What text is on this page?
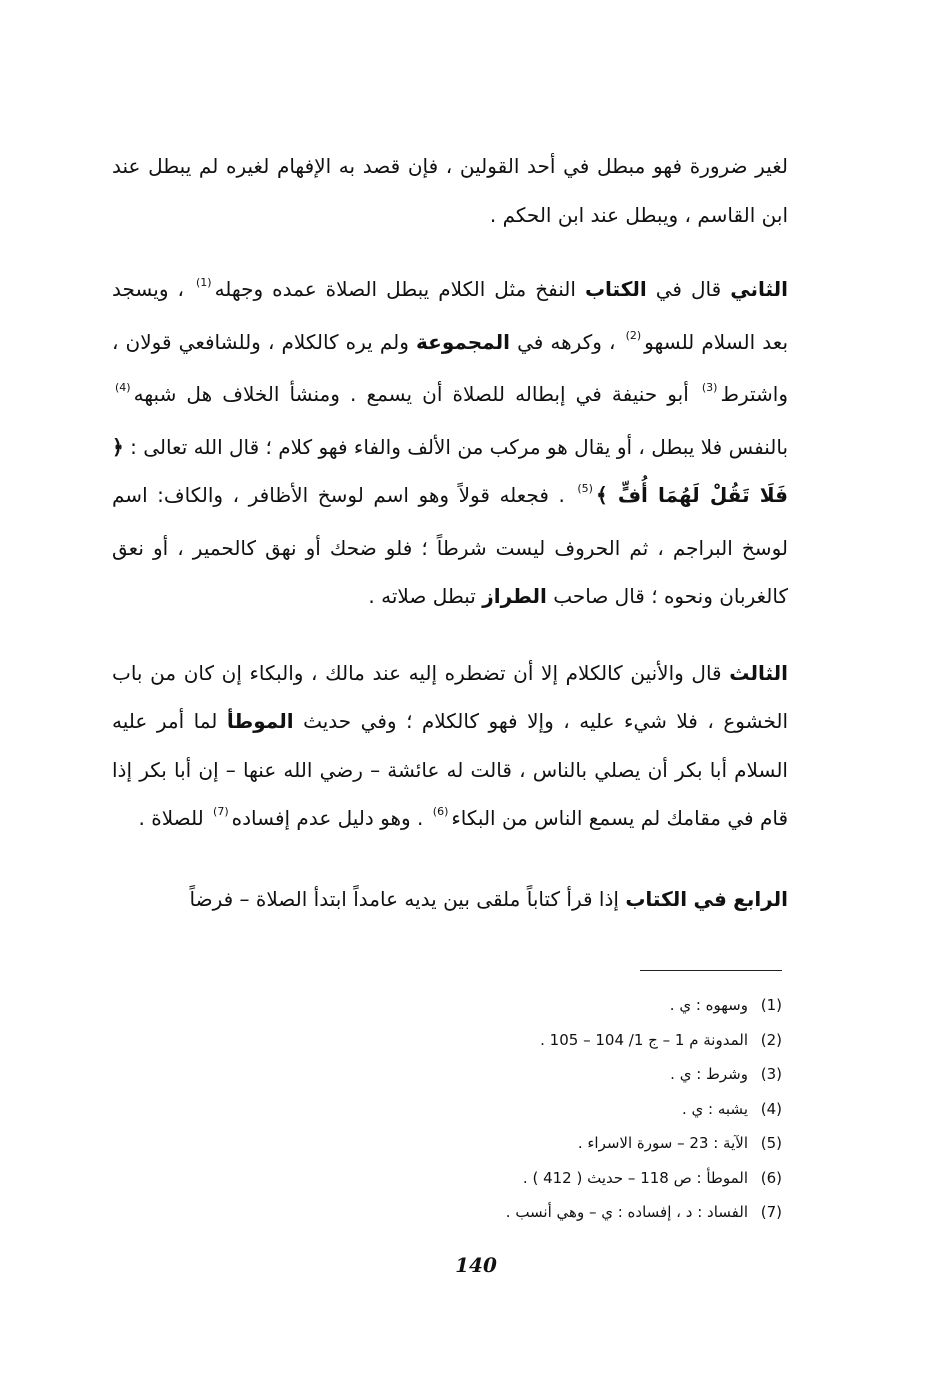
لغير ضرورة فهو مبطل في أحد القولين ، فإن قصد به الإفهام لغيره لم يبطل عند ابن القاسم ، ويبطل عند ابن الحكم .

الثاني قال في الكتاب النفخ مثل الكلام يبطل الصلاة عمده وجهله$^{(1)}$ ، ويسجد بعد السلام للسهو$^{(2)}$ ، وكرهه في المجموعة ولم يره كالكلام ، وللشافعي قولان ، واشترط$^{(3)}$ أبو حنيفة في إبطاله للصلاة أن يسمع . ومنشأ الخلاف هل شبهه$^{(4)}$ بالنفس فلا يبطل ، أو يقال هو مركب من الألف والفاء فهو كلام ؛ قال الله تعالى : ﴿ فَلَا تَقُلْ لَهُمَا أُفٍّ ﴾$^{(5)}$ . فجعله قولاً وهو اسم لوسخ الأظافر ، والكاف: اسم لوسخ البراجم ، ثم الحروف ليست شرطاً ؛ فلو ضحك أو نهق كالحمير ، أو نعق كالغربان ونحوه ؛ قال صاحب الطراز تبطل صلاته .

الثالث قال والأنين كالكلام إلا أن تضطره إليه عند مالك ، والبكاء إن كان من باب الخشوع ، فلا شيء عليه ، وإلا فهو كالكلام ؛ وفي حديث الموطأ لما أمر عليه السلام أبا بكر أن يصلي بالناس ، قالت له عائشة – رضي الله عنها – إن أبا بكر إذا قام في مقامك لم يسمع الناس من البكاء$^{(6)}$ . وهو دليل عدم إفساده$^{(7)}$ للصلاة .

الرابع في الكتاب إذا قرأ كتاباً ملقى بين يديه عامداً ابتدأ الصلاة – فرضاً

(1)وسهوه : ي .
(2)المدونة م 1 – ج 1/ 104 – 105 .
(3)وشرط : ي .
(4)يشبه : ي .
(5)الآية : 23 – سورة الاسراء .
(6)الموطأ : ص 118 – حديث ( 412 ) .
(7)الفساد : د ، إفساده : ي – وهي أنسب .
140
